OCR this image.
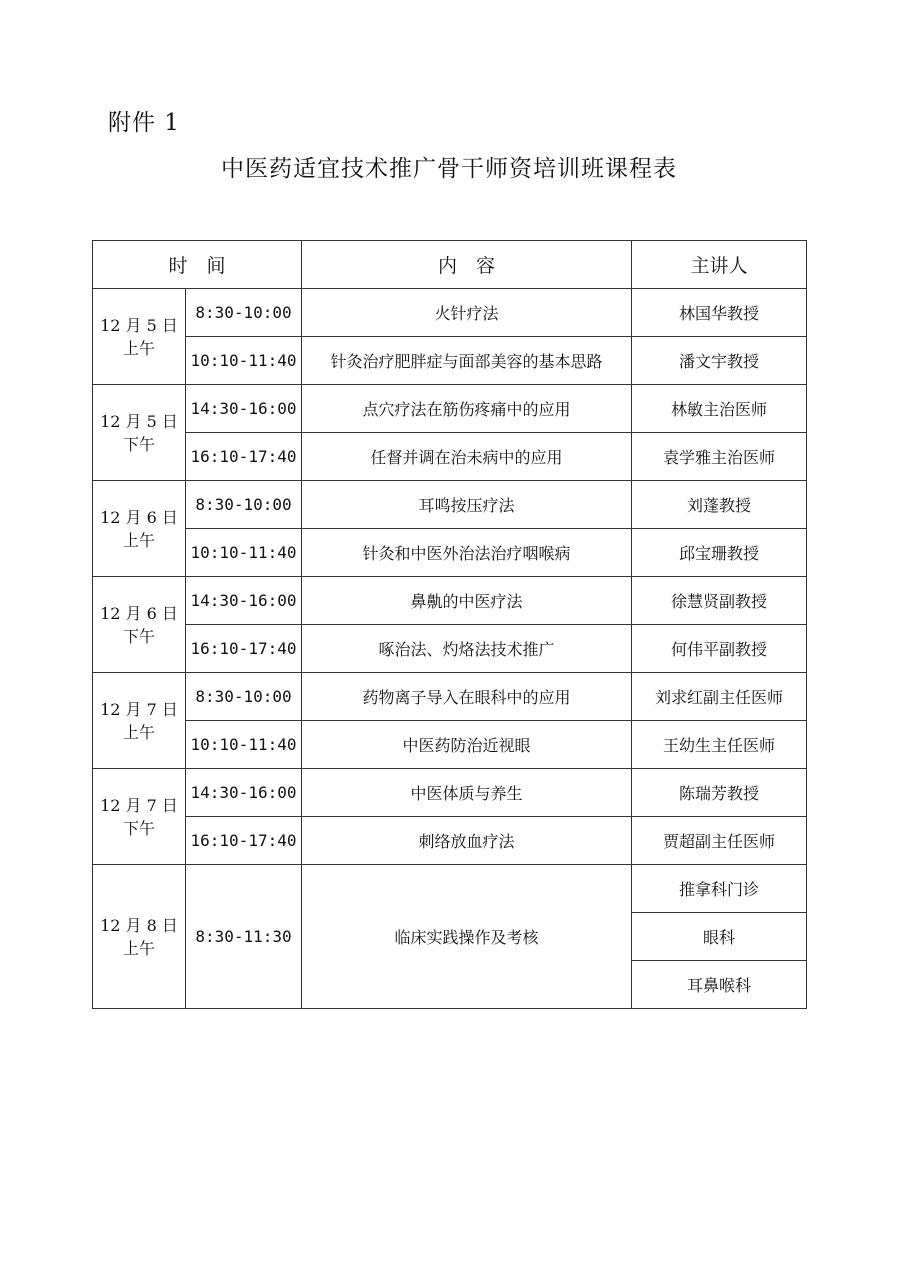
附件 1
中医药适宜技术推广骨干师资培训班课程表
时　间		内　容	主讲人
12 月 5 日
上午	8:30-10:00	火针疗法	林国华教授
	10:10-11:40	针灸治疗肥胖症与面部美容的基本思路	潘文宇教授
12 月 5 日
下午	14:30-16:00	点穴疗法在筋伤疼痛中的应用	林敏主治医师
	16:10-17:40	任督并调在治未病中的应用	袁学雅主治医师
12 月 6 日
上午	8:30-10:00	耳鸣按压疗法	刘蓬教授
	10:10-11:40	针灸和中医外治法治疗咽喉病	邱宝珊教授
12 月 6 日
下午	14:30-16:00	鼻鼽的中医疗法	徐慧贤副教授
	16:10-17:40	啄治法、灼烙法技术推广	何伟平副教授
12 月 7 日
上午	8:30-10:00	药物离子导入在眼科中的应用	刘求红副主任医师
	10:10-11:40	中医药防治近视眼	王幼生主任医师
12 月 7 日
下午	14:30-16:00	中医体质与养生	陈瑞芳教授
	16:10-17:40	刺络放血疗法	贾超副主任医师
12 月 8 日
上午	8:30-11:30	临床实践操作及考核	推拿科门诊
			眼科
			耳鼻喉科
